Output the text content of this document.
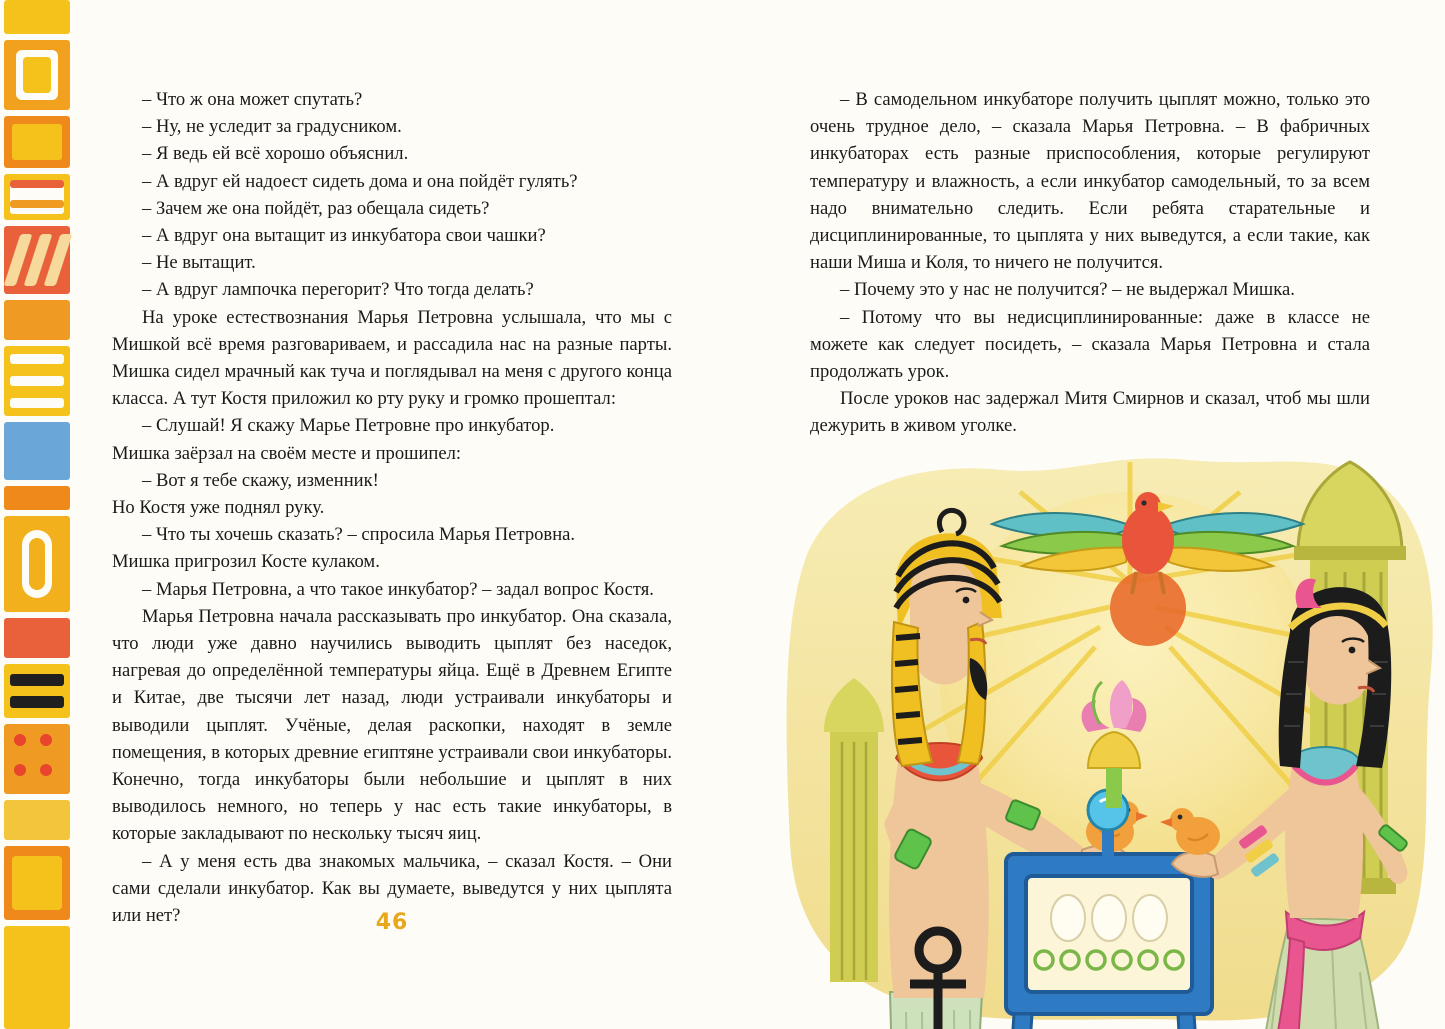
– Что ж она может спутать?

– Ну, не уследит за градусником.

– Я ведь ей всё хорошо объяснил.

– А вдруг ей надоест сидеть дома и она пойдёт гулять?

– Зачем же она пойдёт, раз обещала сидеть?

– А вдруг она вытащит из инкубатора свои чашки?

– Не вытащит.

– А вдруг лампочка перегорит? Что тогда делать?

На уроке естествознания Марья Петровна услышала, что мы с Мишкой всё время разговариваем, и рассадила нас на разные парты. Мишка сидел мрачный как туча и поглядывал на меня с другого конца класса. А тут Костя приложил ко рту руку и громко прошептал:

– Слушай! Я скажу Марье Петровне про инкубатор.

Мишка заёрзал на своём месте и прошипел:

– Вот я тебе скажу, изменник!

Но Костя уже поднял руку.

– Что ты хочешь сказать? – спросила Марья Петровна.

Мишка пригрозил Косте кулаком.

– Марья Петровна, а что такое инкубатор? – задал вопрос Костя.

Марья Петровна начала рассказывать про инкубатор. Она сказала, что люди уже давно научились выводить цыплят без наседок, нагревая до определённой температуры яйца. Ещё в Древнем Египте и Китае, две тысячи лет назад, люди устраивали инкубаторы и выводили цыплят. Учёные, делая раскопки, находят в земле помещения, в которых древние египтяне устраивали свои инкубаторы. Конечно, тогда инкубаторы были небольшие и цыплят в них выводилось немного, но теперь у нас есть такие инкубаторы, в которые закладывают по нескольку тысяч яиц.

– А у меня есть два знакомых мальчика, – сказал Костя. – Они сами сделали инкубатор. Как вы думаете, выведутся у них цыплята или нет?

– В самодельном инкубаторе получить цыплят можно, только это очень трудное дело, – сказала Марья Петровна. – В фабричных инкубаторах есть разные приспособления, которые регулируют температуру и влажность, а если инкубатор самодельный, то за всем надо внимательно следить. Если ребята старательные и дисциплинированные, то цыплята у них выведутся, а если такие, как наши Миша и Коля, то ничего не получится.

– Почему это у нас не получится? – не выдержал Мишка.

– Потому что вы недисциплинированные: даже в классе не можете как следует посидеть, – сказала Марья Петровна и стала продолжать урок.

После уроков нас задержал Митя Смирнов и сказал, чтоб мы шли дежурить в живом уголке.

46
